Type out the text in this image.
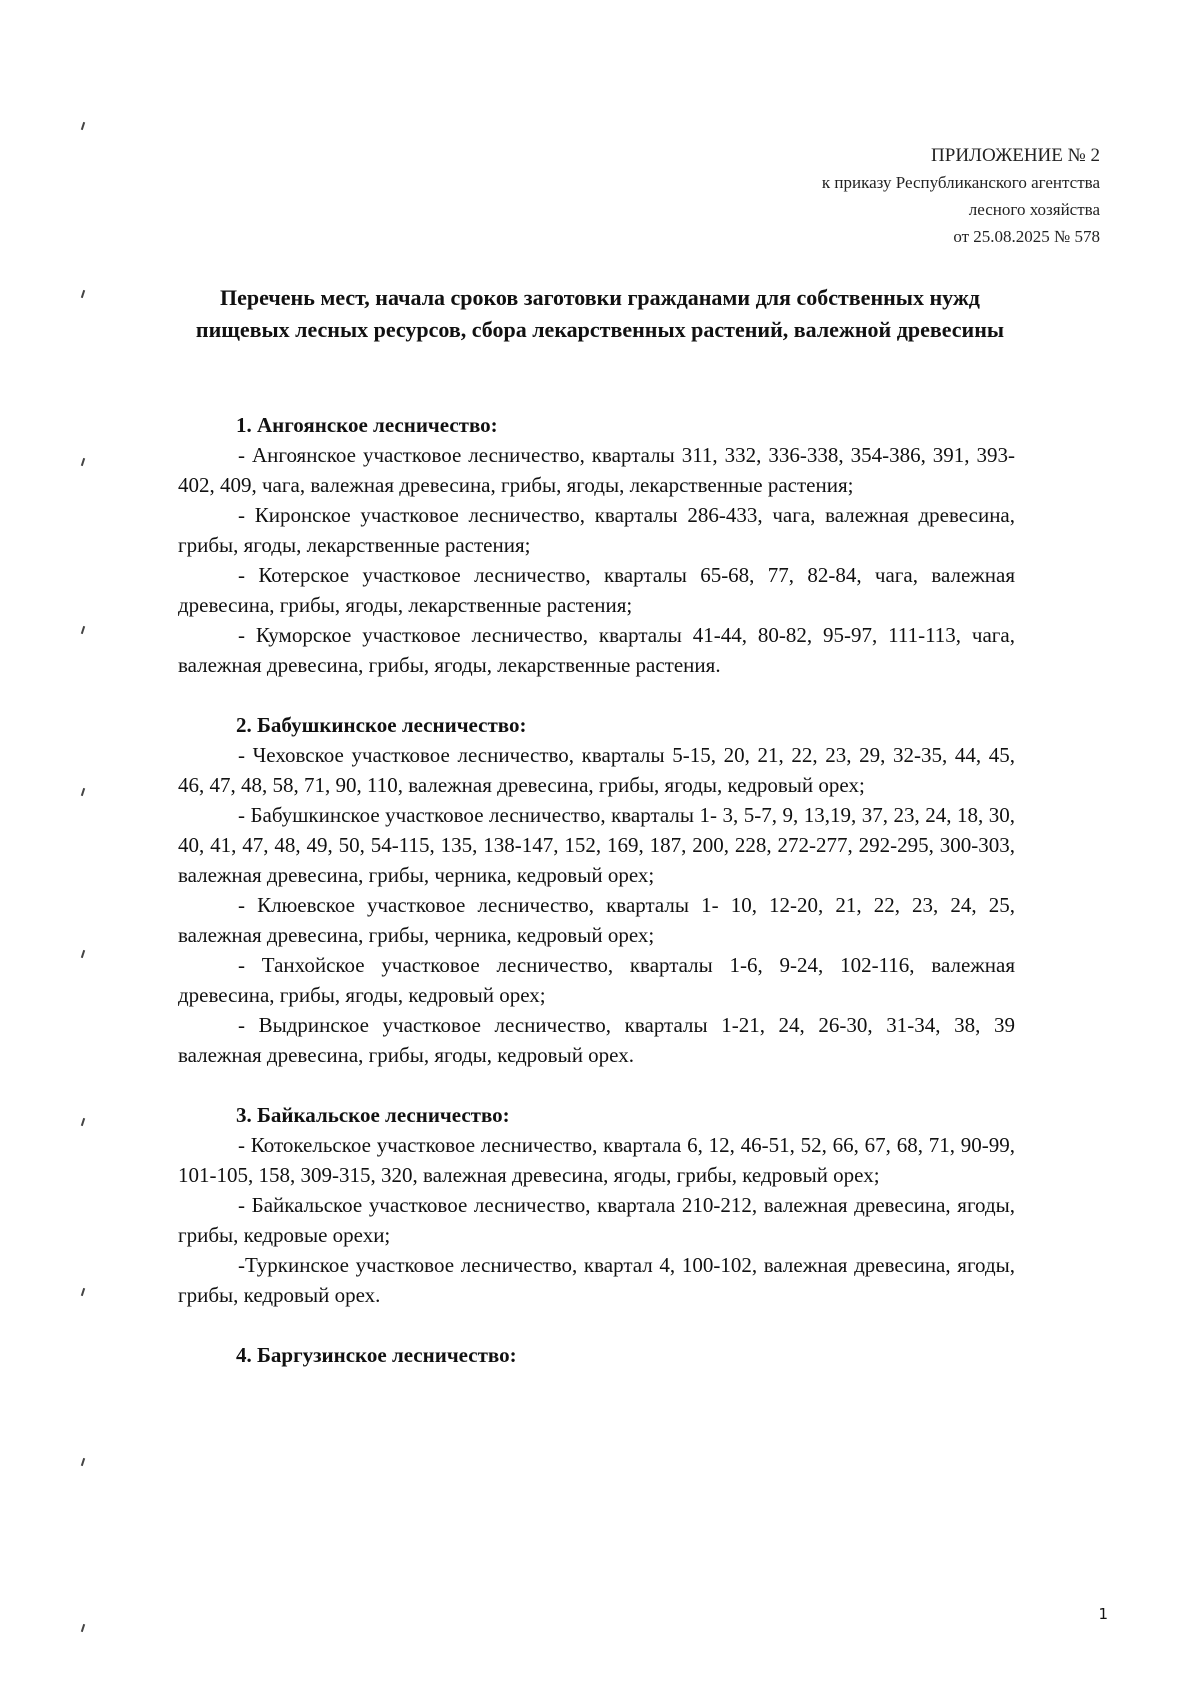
ПРИЛОЖЕНИЕ № 2
к приказу Республиканского агентства
лесного хозяйства
от 25.08.2025 № 578
Перечень мест, начала сроков заготовки гражданами для собственных нужд пищевых лесных ресурсов, сбора лекарственных растений, валежной древесины
1. Ангоянское лесничество:

- Ангоянское участковое лесничество, кварталы 311, 332, 336-338, 354-386, 391, 393-402, 409, чага, валежная древесина, грибы, ягоды, лекарственные растения;

- Киронское участковое лесничество, кварталы 286-433, чага, валежная древесина, грибы, ягоды, лекарственные растения;

- Котерское участковое лесничество, кварталы 65-68, 77, 82-84, чага, валежная древесина, грибы, ягоды, лекарственные растения;

- Куморское участковое лесничество, кварталы 41-44, 80-82, 95-97, 111-113, чага, валежная древесина, грибы, ягоды, лекарственные растения.

2. Бабушкинское лесничество:

- Чеховское участковое лесничество, кварталы 5-15, 20, 21, 22, 23, 29, 32-35, 44, 45, 46, 47, 48, 58, 71, 90, 110, валежная древесина, грибы, ягоды, кедровый орех;

- Бабушкинское участковое лесничество, кварталы 1- 3, 5-7, 9, 13,19, 37, 23, 24, 18, 30, 40, 41, 47, 48, 49, 50, 54-115, 135, 138-147, 152, 169, 187, 200, 228, 272-277, 292-295, 300-303, валежная древесина, грибы, черника, кедровый орех;

- Клюевское участковое лесничество, кварталы 1- 10, 12-20, 21, 22, 23, 24, 25, валежная древесина, грибы, черника, кедровый орех;

- Танхойское участковое лесничество, кварталы 1-6, 9-24, 102-116, валежная древесина, грибы, ягоды, кедровый орех;

- Выдринское участковое лесничество, кварталы 1-21, 24, 26-30, 31-34, 38, 39 валежная древесина, грибы, ягоды, кедровый орех.

3. Байкальское лесничество:

- Котокельское участковое лесничество, квартала 6, 12, 46-51, 52, 66, 67, 68, 71, 90-99, 101-105, 158, 309-315, 320, валежная древесина, ягоды, грибы, кедровый орех;

- Байкальское участковое лесничество, квартала 210-212, валежная древесина, ягоды, грибы, кедровые орехи;

-Туркинское участковое лесничество, квартал 4, 100-102, валежная древесина, ягоды, грибы, кедровый орех.

4. Баргузинское лесничество:
1
